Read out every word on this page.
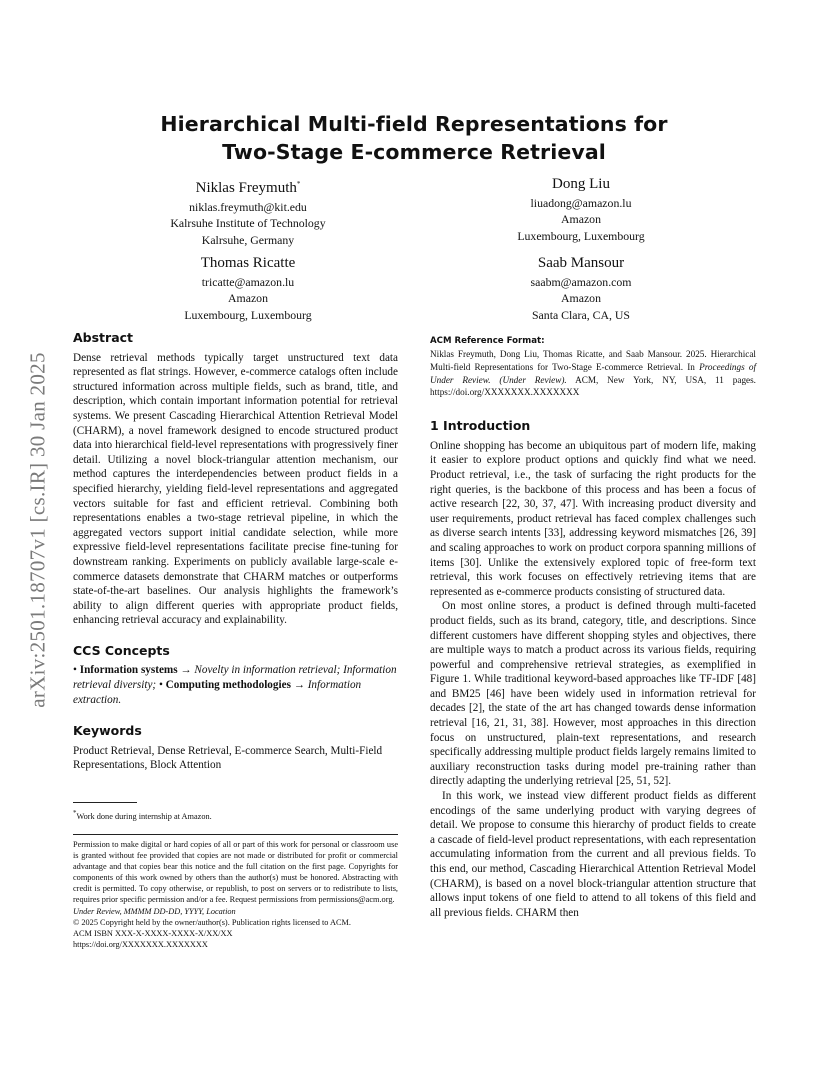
Hierarchical Multi-field Representations for
Two-Stage E-commerce Retrieval
Niklas Freymuth*
niklas.freymuth@kit.edu
Kalrsuhe Institute of Technology
Kalrsuhe, Germany
Dong Liu
liuadong@amazon.lu
Amazon
Luxembourg, Luxembourg
Thomas Ricatte
tricatte@amazon.lu
Amazon
Luxembourg, Luxembourg
Saab Mansour
saabm@amazon.com
Amazon
Santa Clara, CA, US
arXiv:2501.18707v1 [cs.IR] 30 Jan 2025
Abstract

Dense retrieval methods typically target unstructured text data represented as flat strings. However, e-commerce catalogs often include structured information across multiple fields, such as brand, title, and description, which contain important information potential for retrieval systems. We present Cascading Hierarchical Attention Retrieval Model (CHARM), a novel framework designed to encode structured product data into hierarchical field-level representations with progressively finer detail. Utilizing a novel block-triangular attention mechanism, our method captures the interdependencies between product fields in a specified hierarchy, yielding field-level representations and aggregated vectors suitable for fast and efficient retrieval. Combining both representations enables a two-stage retrieval pipeline, in which the aggregated vectors support initial candidate selection, while more expressive field-level representations facilitate precise fine-tuning for downstream ranking. Experiments on publicly available large-scale e-commerce datasets demonstrate that CHARM matches or outperforms state-of-the-art baselines. Our analysis highlights the framework’s ability to align different queries with appropriate product fields, enhancing retrieval accuracy and explainability.

CCS Concepts

• Information systems → Novelty in information retrieval; Information retrieval diversity; • Computing methodologies → Information extraction.

Keywords

Product Retrieval, Dense Retrieval, E-commerce Search, Multi-Field Representations, Block Attention

*Work done during internship at Amazon.

Permission to make digital or hard copies of all or part of this work for personal or classroom use is granted without fee provided that copies are not made or distributed for profit or commercial advantage and that copies bear this notice and the full citation on the first page. Copyrights for components of this work owned by others than the author(s) must be honored. Abstracting with credit is permitted. To copy otherwise, or republish, to post on servers or to redistribute to lists, requires prior specific permission and/or a fee. Request permissions from permissions@acm.org.

Under Review, MMMM DD-DD, YYYY, Location

© 2025 Copyright held by the owner/author(s). Publication rights licensed to ACM.

ACM ISBN XXX-X-XXXX-XXXX-X/XX/XX

https://doi.org/XXXXXXX.XXXXXXX

ACM Reference Format:

Niklas Freymuth, Dong Liu, Thomas Ricatte, and Saab Mansour. 2025. Hierarchical Multi-field Representations for Two-Stage E-commerce Retrieval. In Proceedings of Under Review. (Under Review). ACM, New York, NY, USA, 11 pages. https://doi.org/XXXXXXX.XXXXXXX

1 Introduction

Online shopping has become an ubiquitous part of modern life, making it easier to explore product options and quickly find what we need. Product retrieval, i.e., the task of surfacing the right products for the right queries, is the backbone of this process and has been a focus of active research [22, 30, 37, 47]. With increasing product diversity and user requirements, product retrieval has faced complex challenges such as diverse search intents [33], addressing keyword mismatches [26, 39] and scaling approaches to work on product corpora spanning millions of items [30]. Unlike the extensively explored topic of free-form text retrieval, this work focuses on effectively retrieving items that are represented as e-commerce products consisting of structured data.

On most online stores, a product is defined through multi-faceted product fields, such as its brand, category, title, and descriptions. Since different customers have different shopping styles and objectives, there are multiple ways to match a product across its various fields, requiring powerful and comprehensive retrieval strategies, as exemplified in Figure 1. While traditional keyword-based approaches like TF-IDF [48] and BM25 [46] have been widely used in information retrieval for decades [2], the state of the art has changed towards dense information retrieval [16, 21, 31, 38]. However, most approaches in this direction focus on unstructured, plain-text representations, and research specifically addressing multiple product fields largely remains limited to auxiliary reconstruction tasks during model pre-training rather than directly adapting the underlying retrieval [25, 51, 52].

In this work, we instead view different product fields as different encodings of the same underlying product with varying degrees of detail. We propose to consume this hierarchy of product fields to create a cascade of field-level product representations, with each representation accumulating information from the current and all previous fields. To this end, our method, Cascading Hierarchical Attention Retrieval Model (CHARM), is based on a novel block-triangular attention structure that allows input tokens of one field to attend to all tokens of this field and all previous fields. CHARM then
